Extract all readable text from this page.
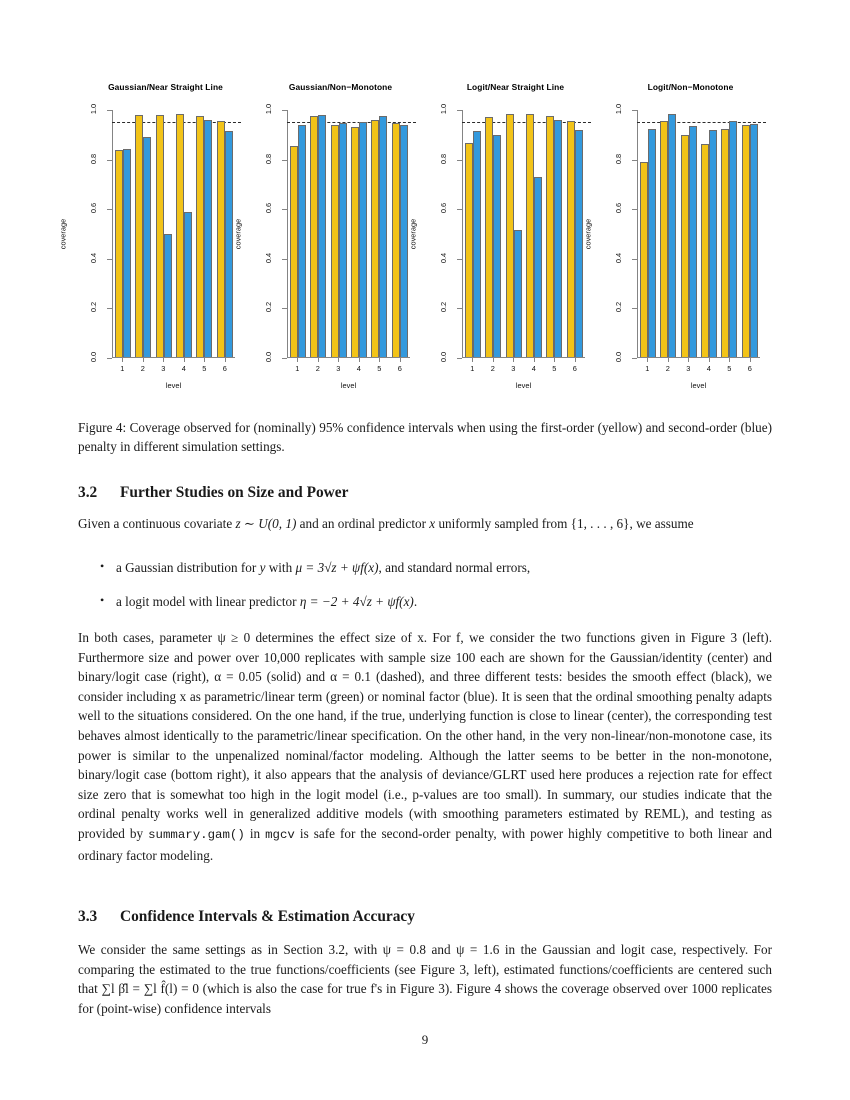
Gaussian/Near Straight Line
0.0
0.2
0.4
0.6
0.8
1.0
coverage
1	2	3	4	5	6
level
Gaussian/Non−Monotone
0.0
0.2
0.4
0.6
0.8
1.0
coverage
1	2	3	4	5	6
level
Logit/Near Straight Line
0.0
0.2
0.4
0.6
0.8
1.0
coverage
1	2	3	4	5	6
level
Logit/Non−Monotone
0.0
0.2
0.4
0.6
0.8
1.0
coverage
1	2	3	4	5	6
level
Figure 4: Coverage observed for (nominally) 95% confidence intervals when using the first-order (yellow) and second-order (blue) penalty in different simulation settings.
3.2 Further Studies on Size and Power
Given a continuous covariate z ∼ U(0, 1) and an ordinal predictor x uniformly sampled from {1, . . . , 6}, we assume
• a Gaussian distribution for y with μ = 3√z + ψf(x), and standard normal errors,
• a logit model with linear predictor η = −2 + 4√z + ψf(x).
In both cases, parameter ψ ≥ 0 determines the effect size of x. For f, we consider the two functions given in Figure 3 (left). Furthermore size and power over 10,000 replicates with sample size 100 each are shown for the Gaussian/identity (center) and binary/logit case (right), α = 0.05 (solid) and α = 0.1 (dashed), and three different tests: besides the smooth effect (black), we consider including x as parametric/linear term (green) or nominal factor (blue). It is seen that the ordinal smoothing penalty adapts well to the situations considered. On the one hand, if the true, underlying function is close to linear (center), the corresponding test behaves almost identically to the parametric/linear specification. On the other hand, in the very non-linear/non-monotone case, its power is similar to the unpenalized nominal/factor modeling. Although the latter seems to be better in the non-monotone, binary/logit case (bottom right), it also appears that the analysis of deviance/GLRT used here produces a rejection rate for effect size zero that is somewhat too high in the logit model (i.e., p-values are too small). In summary, our studies indicate that the ordinal penalty works well in generalized additive models (with smoothing parameters estimated by REML), and testing as provided by summary.gam() in mgcv is safe for the second-order penalty, with power highly competitive to both linear and ordinary factor modeling.
3.3 Confidence Intervals & Estimation Accuracy
We consider the same settings as in Section 3.2, with ψ = 0.8 and ψ = 1.6 in the Gaussian and logit case, respectively. For comparing the estimated to the true functions/coefficients (see Figure 3, left), estimated functions/coefficients are centered such that ∑l β̂l = ∑l f̂(l) = 0 (which is also the case for true f's in Figure 3). Figure 4 shows the coverage observed over 1000 replicates for (point-wise) confidence intervals
9
